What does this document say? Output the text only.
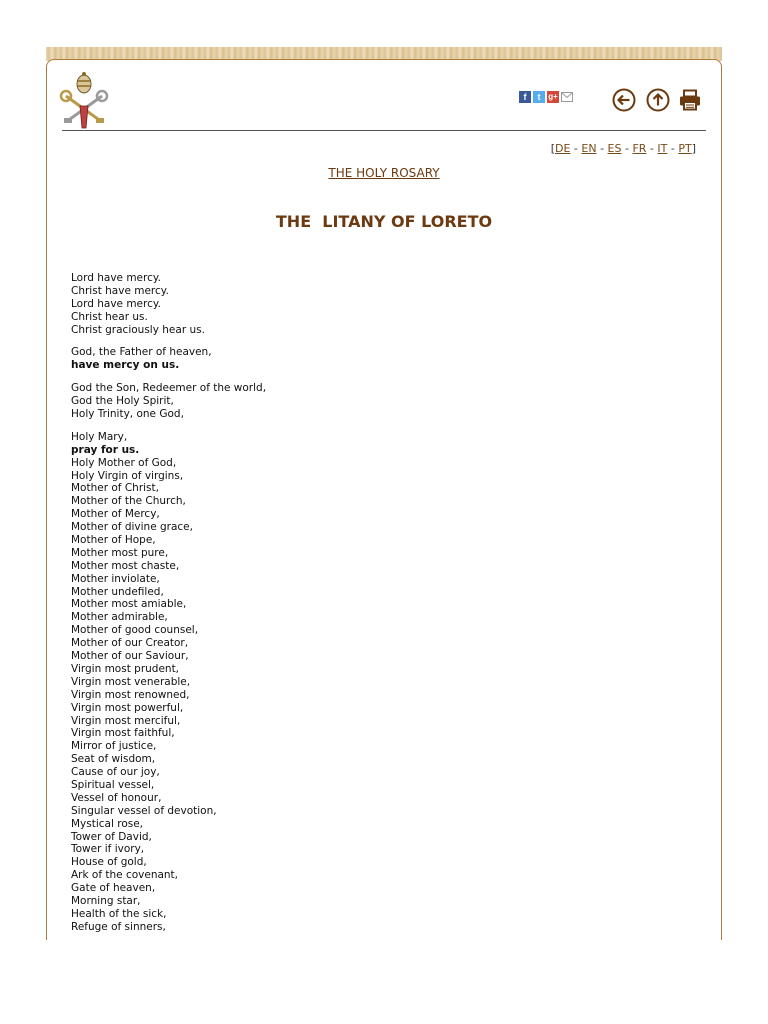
f	t g+
[DE - EN - ES - FR - IT - PT]
THE HOLY ROSARY
THE  LITANY OF LORETO
Lord have mercy.
Christ have mercy.
Lord have mercy.
Christ hear us.
Christ graciously hear us.
God, the Father of heaven,
have mercy on us.
God the Son, Redeemer of the world,
God the Holy Spirit,
Holy Trinity, one God,
Holy Mary,
pray for us.
Holy Mother of God,
Holy Virgin of virgins,
Mother of Christ,
Mother of the Church,
Mother of Mercy,
Mother of divine grace,
Mother of Hope,
Mother most pure,
Mother most chaste,
Mother inviolate,
Mother undefiled,
Mother most amiable,
Mother admirable,
Mother of good counsel,
Mother of our Creator,
Mother of our Saviour,
Virgin most prudent,
Virgin most venerable,
Virgin most renowned,
Virgin most powerful,
Virgin most merciful,
Virgin most faithful,
Mirror of justice,
Seat of wisdom,
Cause of our joy,
Spiritual vessel,
Vessel of honour,
Singular vessel of devotion,
Mystical rose,
Tower of David,
Tower if ivory,
House of gold,
Ark of the covenant,
Gate of heaven,
Morning star,
Health of the sick,
Refuge of sinners,
